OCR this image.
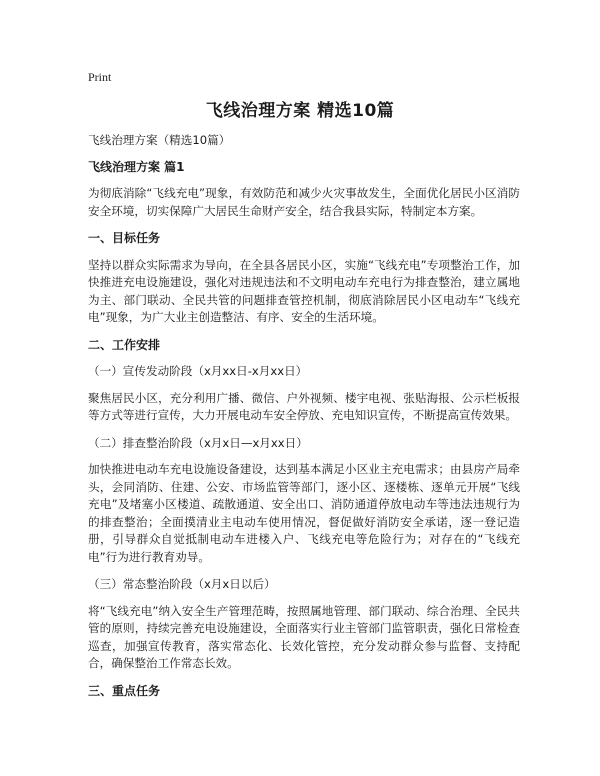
Print
飞线治理方案 精选10篇

飞线治理方案（精选10篇）

飞线治理方案 篇1

为彻底消除“飞线充电”现象，有效防范和减少火灾事故发生，全面优化居民小区消防安全环境，切实保障广大居民生命财产安全，结合我县实际，特制定本方案。

一、目标任务

坚持以群众实际需求为导向，在全县各居民小区，实施“飞线充电”专项整治工作，加快推进充电设施建设，强化对违规违法和不文明电动车充电行为排查整治，建立属地为主、部门联动、全民共管的问题排查管控机制，彻底消除居民小区电动车“飞线充电”现象，为广大业主创造整洁、有序、安全的生活环境。

二、工作安排

（一）宣传发动阶段（x月xx日-x月xx日）

聚焦居民小区，充分利用广播、微信、户外视频、楼宇电视、张贴海报、公示栏板报等方式等进行宣传，大力开展电动车安全停放、充电知识宣传，不断提高宣传效果。

（二）排查整治阶段（x月x日—x月xx日）

加快推进电动车充电设施设备建设，达到基本满足小区业主充电需求；由县房产局牵头，会同消防、住建、公安、市场监管等部门，逐小区、逐楼栋、逐单元开展“飞线充电”及堵塞小区楼道、疏散通道、安全出口、消防通道停放电动车等违法违规行为的排查整治；全面摸清业主电动车使用情况，督促做好消防安全承诺，逐一登记造册，引导群众自觉抵制电动车进楼入户、飞线充电等危险行为；对存在的“飞线充电”行为进行教育劝导。

（三）常态整治阶段（x月x日以后）

将“飞线充电”纳入安全生产管理范畴，按照属地管理、部门联动、综合治理、全民共管的原则，持续完善充电设施建设，全面落实行业主管部门监管职责，强化日常检查巡查，加强宣传教育，落实常态化、长效化管控，充分发动群众参与监督、支持配合，确保整治工作常态长效。

三、重点任务
